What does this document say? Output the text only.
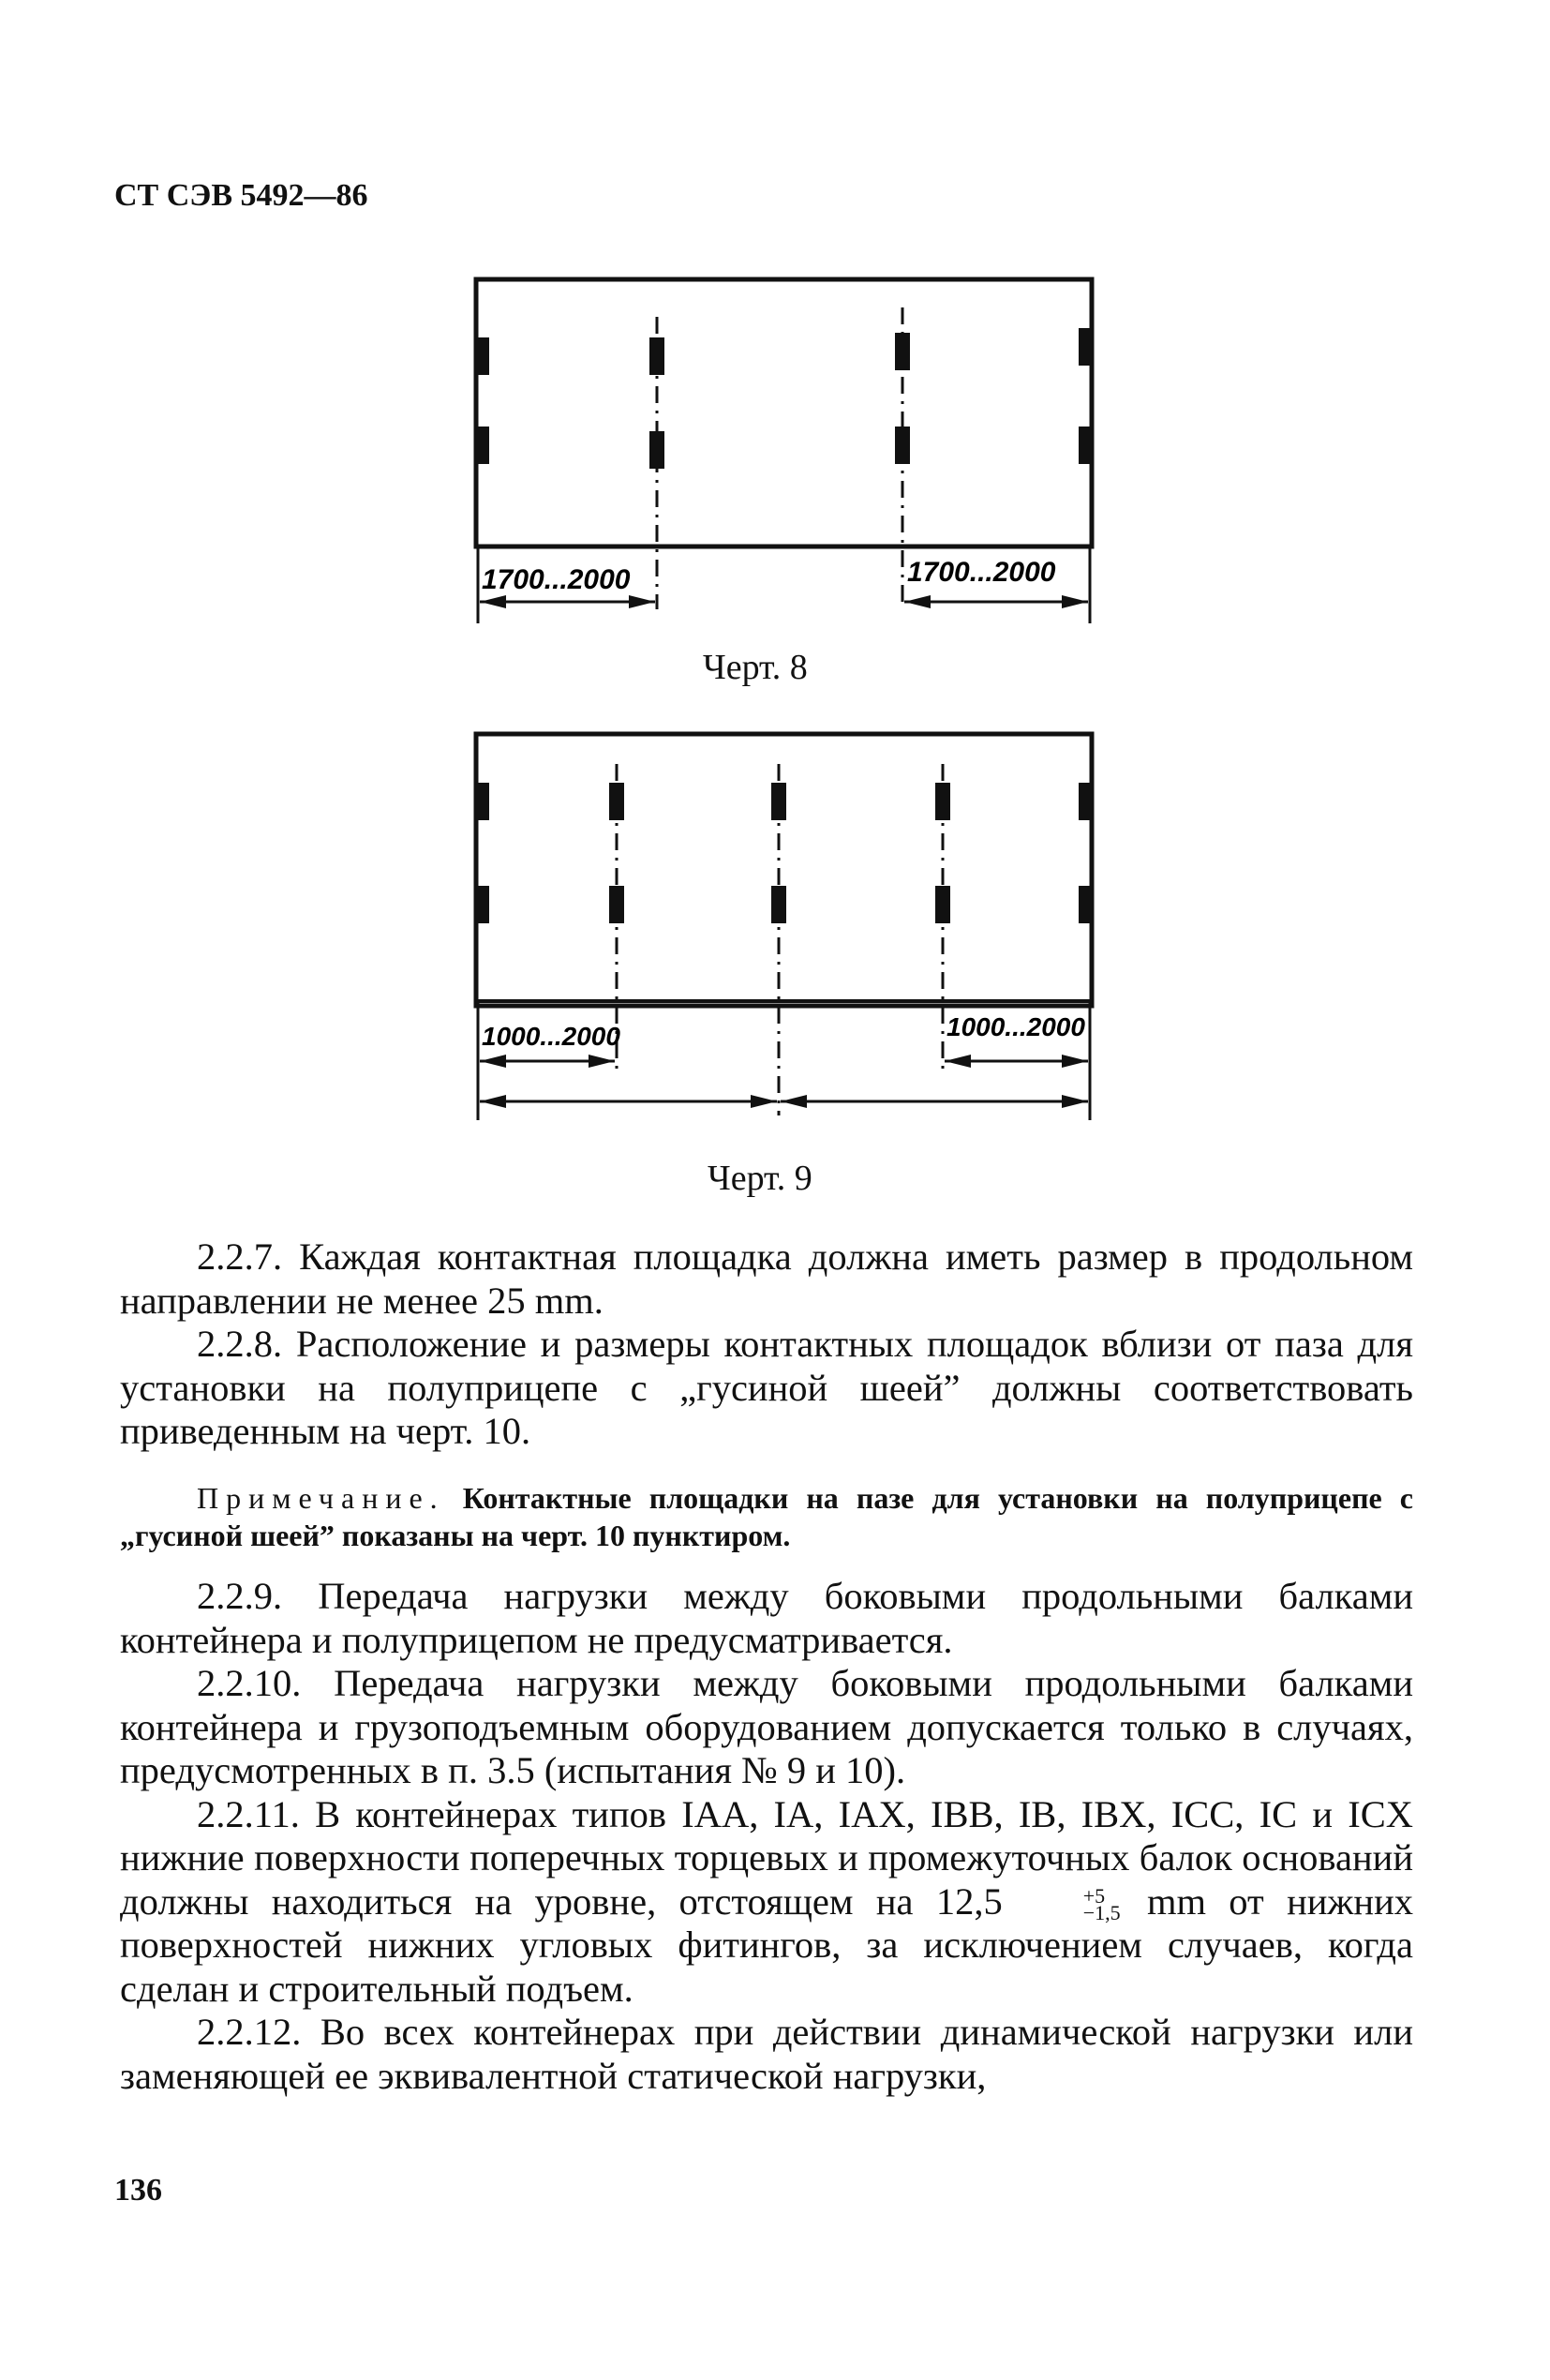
СТ СЭВ 5492—86
1700...2000	1700...2000
Черт. 8
1000...2000	1000...2000
Черт. 9

2.2.7. Каждая контактная площадка должна иметь размер в продольном направлении не менее 25 mm.

2.2.8. Расположение и размеры контактных площадок вблизи от паза для установки на полуприцепе с „гусиной шеей” должны соответствовать приведенным на черт. 10.

Примечание. Контактные площадки на пазе для установки на полуприцепе с „гусиной шеей” показаны на черт. 10 пунктиром.

2.2.9. Передача нагрузки между боковыми продольными балками контейнера и полуприцепом не предусматривается.

2.2.10. Передача нагрузки между боковыми продольными балками контейнера и грузоподъемным оборудованием допускается только в случаях, предусмотренных в п. 3.5 (испытания № 9 и 10).

2.2.11. В контейнерах типов IAA, IA, IAX, IBB, IB, IBX, ICC, IC и ICX нижние поверхности поперечных торцевых и промежуточных балок оснований должны находиться на уровне, отстоящем на 12,5	+5
−1,5 mm от нижних поверхностей нижних угловых фитингов, за исключением случаев, когда сделан и строительный подъем.

2.2.12. Во всех контейнерах при действии динамической нагрузки или заменяющей ее эквивалентной статической нагрузки,

136
